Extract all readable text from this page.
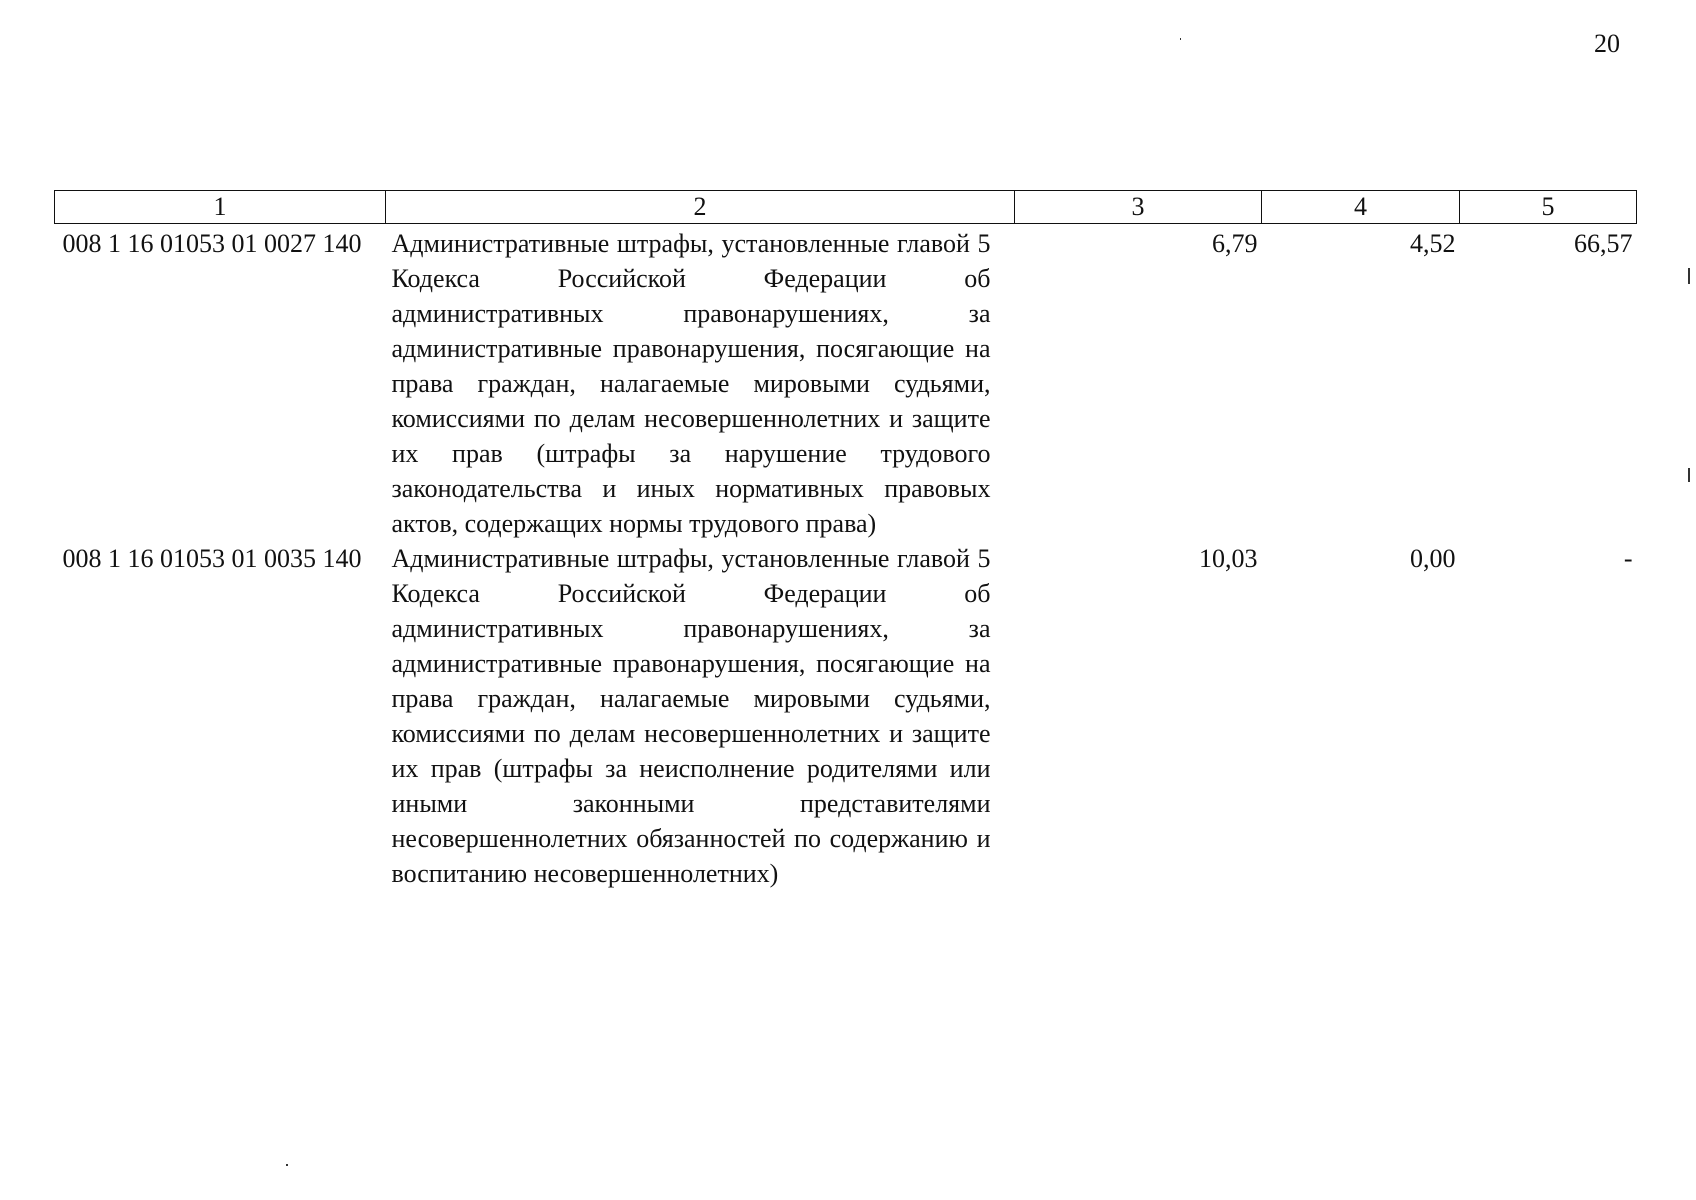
20
1	2	3	4	5
008 1 16 01053 01 0027 140	Административные штрафы, установленные главой 5 Кодекса Российской Федерации об административных правонарушениях, за административные правонарушения, посягающие на права граждан, налагаемые мировыми судьями, комиссиями по делам несовершеннолетних и защите их прав (штрафы за нарушение трудового законодательства и иных нормативных правовых актов, содержащих нормы трудового права)	6,79	4,52	66,57
008 1 16 01053 01 0035 140	Административные штрафы, установленные главой 5 Кодекса Российской Федерации об административных правонарушениях, за административные правонарушения, посягающие на права граждан, налагаемые мировыми судьями, комиссиями по делам несовершеннолетних и защите их прав (штрафы за неисполнение родителями или иными законными представителями несовершеннолетних обязанностей по содержанию и воспитанию несовершеннолетних)	10,03	0,00	-
